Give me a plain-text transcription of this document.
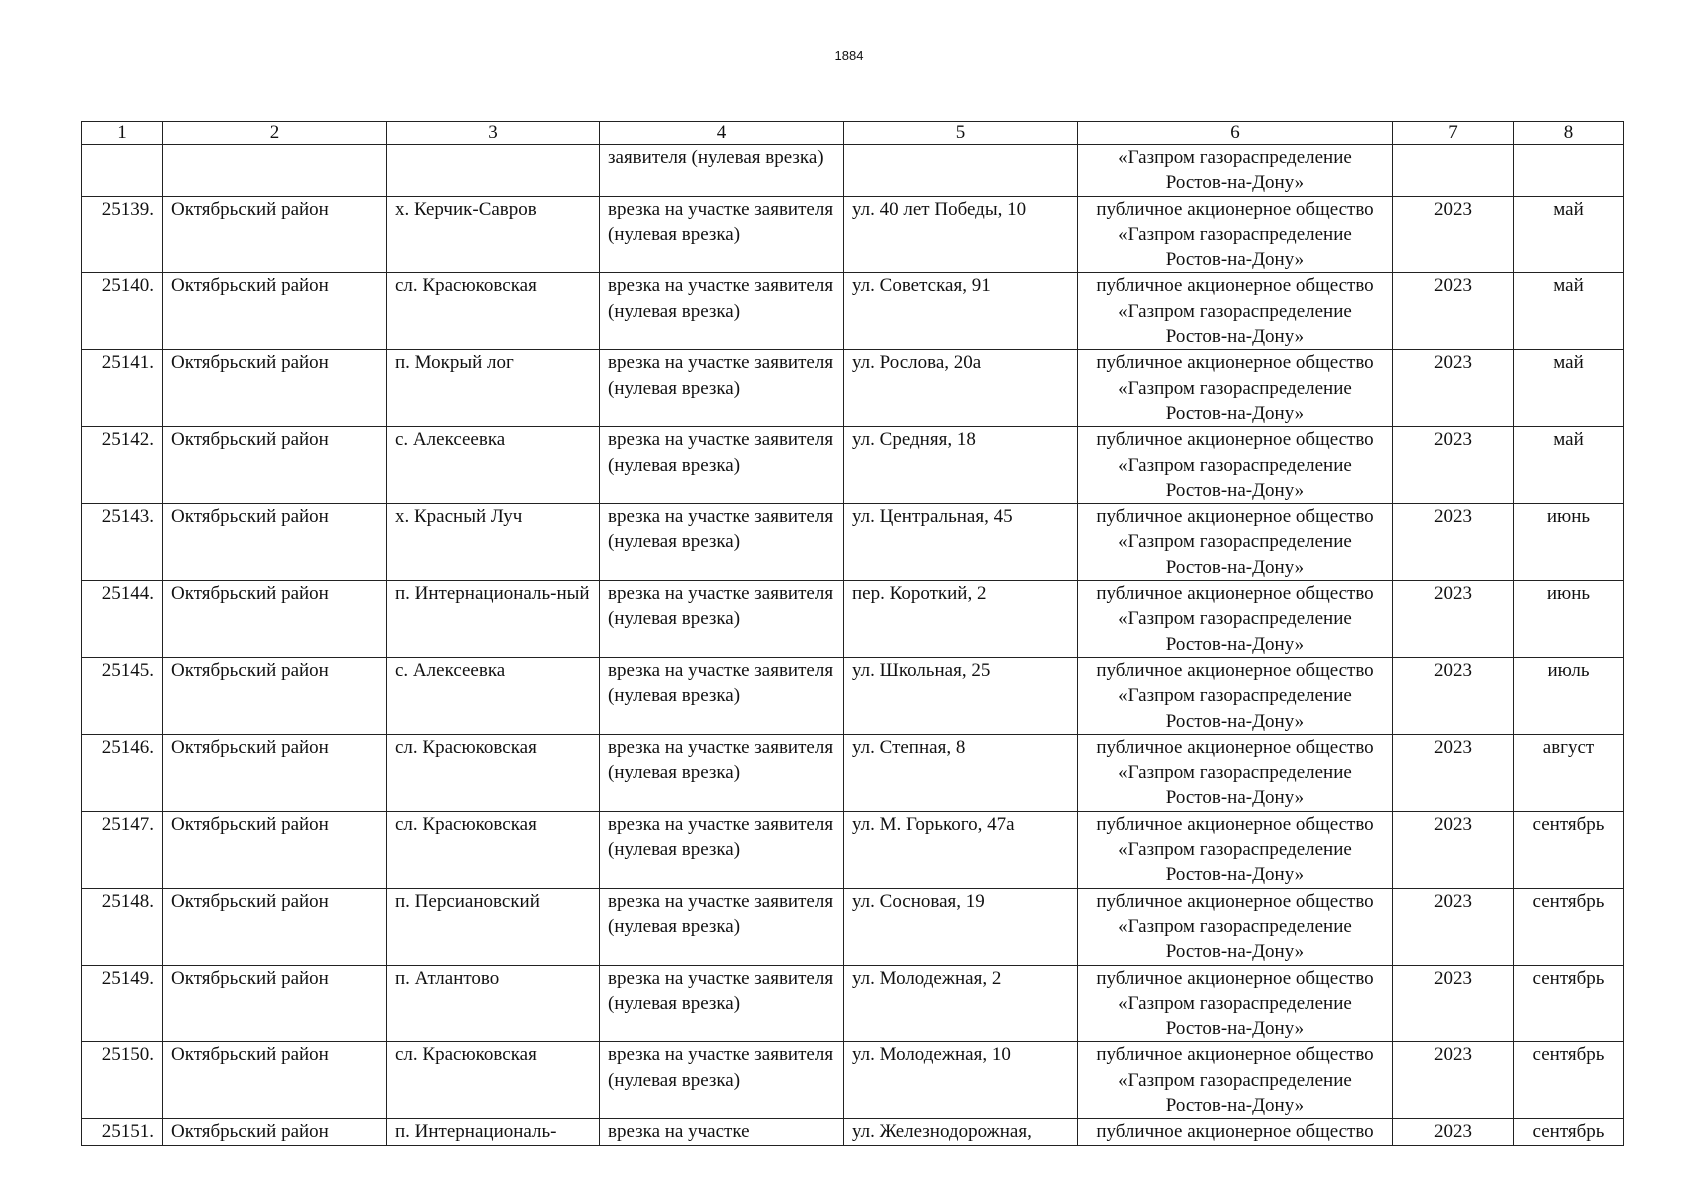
1884
1	2	3	4	5	6	7	8
			заявителя (нулевая врезка)		«Газпром газораспределение Ростов-на-Дону»		
25139.	Октябрьский район	х. Керчик-Савров	врезка на участке заявителя (нулевая врезка)	ул. 40 лет Победы, 10	публичное акционерное общество «Газпром газораспределение Ростов-на-Дону»	2023	май
25140.	Октябрьский район	сл. Красюковская	врезка на участке заявителя (нулевая врезка)	ул. Советская, 91	публичное акционерное общество «Газпром газораспределение Ростов-на-Дону»	2023	май
25141.	Октябрьский район	п. Мокрый лог	врезка на участке заявителя (нулевая врезка)	ул. Рослова, 20а	публичное акционерное общество «Газпром газораспределение Ростов-на-Дону»	2023	май
25142.	Октябрьский район	с. Алексеевка	врезка на участке заявителя (нулевая врезка)	ул. Средняя, 18	публичное акционерное общество «Газпром газораспределение Ростов-на-Дону»	2023	май
25143.	Октябрьский район	х. Красный Луч	врезка на участке заявителя (нулевая врезка)	ул. Центральная, 45	публичное акционерное общество «Газпром газораспределение Ростов-на-Дону»	2023	июнь
25144.	Октябрьский район	п. Интернациональ-ный	врезка на участке заявителя (нулевая врезка)	пер. Короткий, 2	публичное акционерное общество «Газпром газораспределение Ростов-на-Дону»	2023	июнь
25145.	Октябрьский район	с. Алексеевка	врезка на участке заявителя (нулевая врезка)	ул. Школьная, 25	публичное акционерное общество «Газпром газораспределение Ростов-на-Дону»	2023	июль
25146.	Октябрьский район	сл. Красюковская	врезка на участке заявителя (нулевая врезка)	ул. Степная, 8	публичное акционерное общество «Газпром газораспределение Ростов-на-Дону»	2023	август
25147.	Октябрьский район	сл. Красюковская	врезка на участке заявителя (нулевая врезка)	ул. М. Горького, 47а	публичное акционерное общество «Газпром газораспределение Ростов-на-Дону»	2023	сентябрь
25148.	Октябрьский район	п. Персиановский	врезка на участке заявителя (нулевая врезка)	ул. Сосновая, 19	публичное акционерное общество «Газпром газораспределение Ростов-на-Дону»	2023	сентябрь
25149.	Октябрьский район	п. Атлантово	врезка на участке заявителя (нулевая врезка)	ул. Молодежная, 2	публичное акционерное общество «Газпром газораспределение Ростов-на-Дону»	2023	сентябрь
25150.	Октябрьский район	сл. Красюковская	врезка на участке заявителя (нулевая врезка)	ул. Молодежная, 10	публичное акционерное общество «Газпром газораспределение Ростов-на-Дону»	2023	сентябрь
25151.	Октябрьский район	п. Интернациональ-	врезка на участке	ул. Железнодорожная,	публичное акционерное общество	2023	сентябрь
